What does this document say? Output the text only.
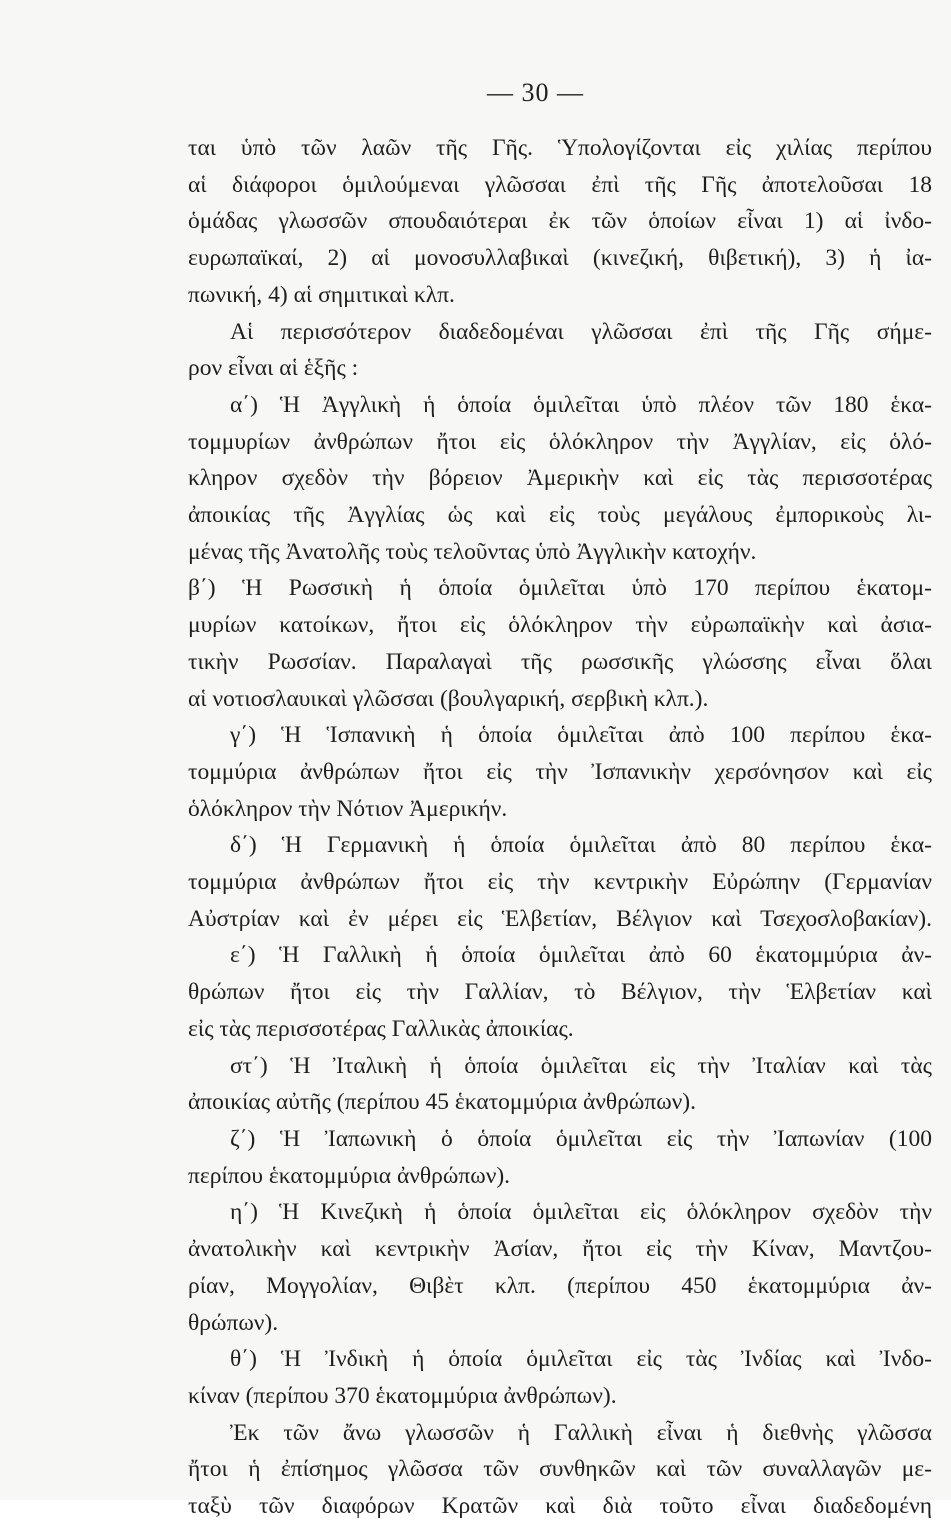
— 30 —
ται ὑπὸ τῶν λαῶν τῆς Γῆς. Ὑπολογίζονται εἰς χιλίας περίπου
αἱ διάφοροι ὁμιλούμεναι γλῶσσαι ἐπὶ τῆς Γῆς ἀποτελοῦσαι 18
ὁμάδας γλωσσῶν σπουδαιότεραι ἐκ τῶν ὁποίων εἶναι 1) αἱ ἰνδο-
ευρωπαϊκαί, 2) αἱ μονοσυλλαβικαὶ (κινεζική, θιβετική), 3) ἡ ἰα-
πωνική, 4) αἱ σημιτικαὶ κλπ.
Αἱ περισσότερον διαδεδομέναι γλῶσσαι ἐπὶ τῆς Γῆς σήμε-
ρον εἶναι αἱ ἑξῆς :
α΄) Ἡ Ἀγγλικὴ ἡ ὁποία ὁμιλεῖται ὑπὸ πλέον τῶν 180 ἑκα-
τομμυρίων ἀνθρώπων ἤτοι εἰς ὁλόκληρον τὴν Ἀγγλίαν, εἰς ὁλό-
κληρον σχεδὸν τὴν βόρειον Ἀμερικὴν καὶ εἰς τὰς περισσοτέρας
ἀποικίας τῆς Ἀγγλίας ὡς καὶ εἰς τοὺς μεγάλους ἐμπορικοὺς λι-
μένας τῆς Ἀνατολῆς τοὺς τελοῦντας ὑπὸ Ἀγγλικὴν κατοχήν.
β΄) Ἡ Ρωσσικὴ ἡ ὁποία ὁμιλεῖται ὑπὸ 170 περίπου ἑκατομ-
μυρίων κατοίκων, ἤτοι εἰς ὁλόκληρον τὴν εὐρωπαϊκὴν καὶ ἀσια-
τικὴν Ρωσσίαν. Παραλαγαὶ τῆς ρωσσικῆς γλώσσης εἶναι ὅλαι
αἱ νοτιοσλαυικαὶ γλῶσσαι (βουλγαρική, σερβικὴ κλπ.).
γ΄) Ἡ Ἱσπανικὴ ἡ ὁποία ὁμιλεῖται ἀπὸ 100 περίπου ἑκα-
τομμύρια ἀνθρώπων ἤτοι εἰς τὴν Ἰσπανικὴν χερσόνησον καὶ εἰς
ὁλόκληρον τὴν Νότιον Ἀμερικήν.
δ΄) Ἡ Γερμανικὴ ἡ ὁποία ὁμιλεῖται ἀπὸ 80 περίπου ἑκα-
τομμύρια ἀνθρώπων ἤτοι εἰς τὴν κεντρικὴν Εὐρώπην (Γερμανίαν
Αὐστρίαν καὶ ἐν μέρει εἰς Ἑλβετίαν, Βέλγιον καὶ Τσεχοσλοβακίαν).
ε΄) Ἡ Γαλλικὴ ἡ ὁποία ὁμιλεῖται ἀπὸ 60 ἑκατομμύρια ἀν-
θρώπων ἤτοι εἰς τὴν Γαλλίαν, τὸ Βέλγιον, τὴν Ἑλβετίαν καὶ
εἰς τὰς περισσοτέρας Γαλλικὰς ἀποικίας.
στ΄) Ἡ Ἰταλικὴ ἡ ὁποία ὁμιλεῖται εἰς τὴν Ἰταλίαν καὶ τὰς
ἀποικίας αὐτῆς (περίπου 45 ἑκατομμύρια ἀνθρώπων).
ζ΄) Ἡ Ἰαπωνικὴ ὁ ὁποία ὁμιλεῖται εἰς τὴν Ἰαπωνίαν (100
περίπου ἑκατομμύρια ἀνθρώπων).
η΄) Ἡ Κινεζικὴ ἡ ὁποία ὁμιλεῖται εἰς ὁλόκληρον σχεδὸν τὴν
ἀνατολικὴν καὶ κεντρικὴν Ἀσίαν, ἤτοι εἰς τὴν Κίναν, Μαντζου-
ρίαν, Μογγολίαν, Θιβὲτ κλπ. (περίπου 450 ἑκατομμύρια ἀν-
θρώπων).
θ΄) Ἡ Ἰνδικὴ ἡ ὁποία ὁμιλεῖται εἰς τὰς Ἰνδίας καὶ Ἰνδο-
κίναν (περίπου 370 ἑκατομμύρια ἀνθρώπων).
Ἐκ τῶν ἄνω γλωσσῶν ἡ Γαλλικὴ εἶναι ἡ διεθνὴς γλῶσσα
ἤτοι ἡ ἐπίσημος γλῶσσα τῶν συνθηκῶν καὶ τῶν συναλλαγῶν με-
ταξὺ τῶν διαφόρων Κρατῶν καὶ διὰ τοῦτο εἶναι διαδεδομένη
